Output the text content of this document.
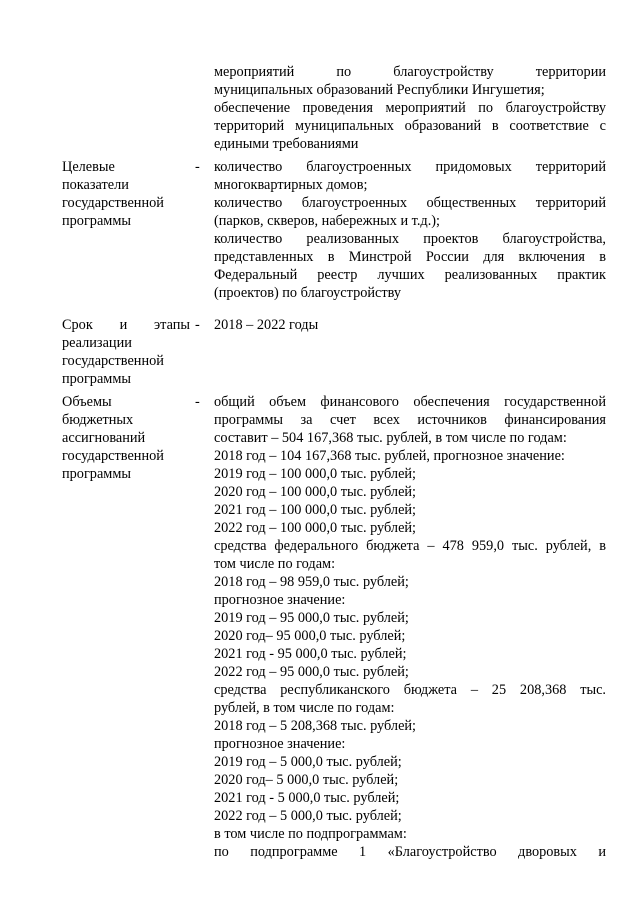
мероприятий по благоустройству территории
муниципальных образований Республики Ингушетия;
обеспечение проведения мероприятий по благоустройству
территорий муниципальных образований в соответствие с
едиными требованиями
Целевые
показатели
государственной
программы
- количество благоустроенных придомовых территорий
многоквартирных домов;
количество благоустроенных общественных территорий
(парков, скверов, набережных и т.д.);
количество реализованных проектов благоустройства,
представленных в Минстрой России для включения в
Федеральный реестр лучших реализованных практик
(проектов) по благоустройству
Срок и этапы
реализации
государственной
программы
- 2018 – 2022 годы
Объемы
бюджетных
ассигнований
государственной
программы
- общий объем финансового обеспечения государственной
программы за счет всех источников финансирования
составит – 504 167,368 тыс. рублей, в том числе по годам:
2018 год – 104 167,368 тыс. рублей, прогнозное значение:
2019 год – 100 000,0 тыс. рублей;
2020 год – 100 000,0 тыс. рублей;
2021 год – 100 000,0 тыс. рублей;
2022 год – 100 000,0 тыс. рублей;
средства федерального бюджета – 478 959,0 тыс. рублей, в
том числе по годам:
2018 год – 98 959,0 тыс. рублей;
прогнозное значение:
2019 год – 95 000,0 тыс. рублей;
2020 год– 95 000,0 тыс. рублей;
2021 год - 95 000,0 тыс. рублей;
2022 год – 95 000,0 тыс. рублей;
средства республиканского бюджета – 25 208,368 тыс.
рублей, в том числе по годам:
2018 год – 5 208,368 тыс. рублей;
прогнозное значение:
2019 год – 5 000,0 тыс. рублей;
2020 год– 5 000,0 тыс. рублей;
2021 год - 5 000,0 тыс. рублей;
2022 год – 5 000,0 тыс. рублей;
в том числе по подпрограммам:
по подпрограмме 1 «Благоустройство дворовых и
